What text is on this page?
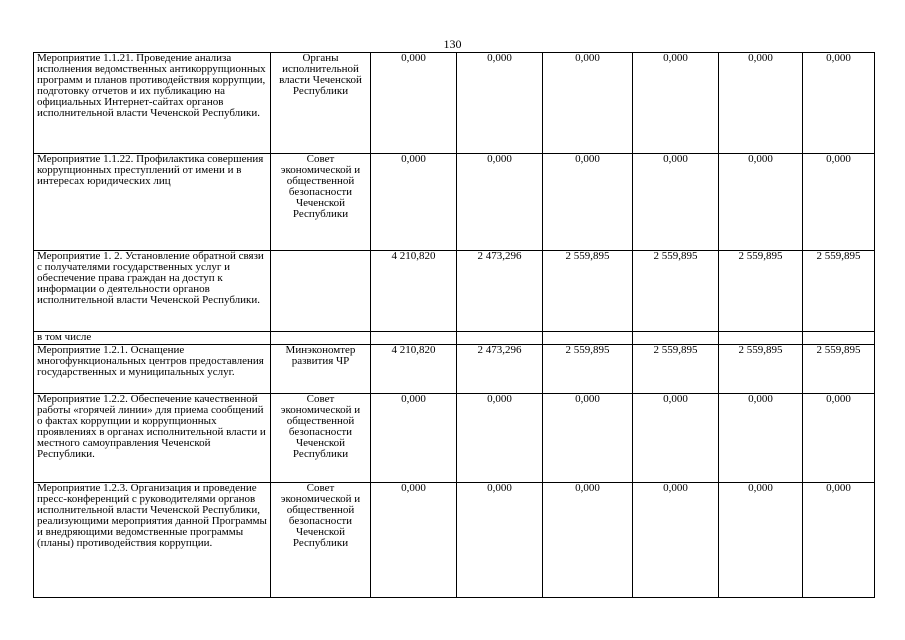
130
Мероприятие 1.1.21. Проведение анализа исполнения ведомственных антикоррупционных программ и планов противодействия коррупции, подготовку отчетов и их публикацию на официальных Интернет-сайтах органов исполнительной власти Чеченской Республики.	Органы исполнительной власти Чеченской Республики	0,000	0,000	0,000	0,000	0,000	0,000
Мероприятие 1.1.22. Профилактика совершения коррупционных преступлений от имени и в интересах юридических лиц	Совет экономической и общественной безопасности Чеченской Республики	0,000	0,000	0,000	0,000	0,000	0,000
Мероприятие 1. 2. Установление обратной связи с получателями государственных услуг и обеспечение права граждан на доступ к информации о деятельности органов исполнительной власти Чеченской Республики.		4 210,820	2 473,296	2 559,895	2 559,895	2 559,895	2 559,895
в том числе							
Мероприятие 1.2.1. Оснащение многофункциональных центров предоставления государственных и муниципальных услуг.	Минэкономтер развития ЧР	4 210,820	2 473,296	2 559,895	2 559,895	2 559,895	2 559,895
Мероприятие 1.2.2. Обеспечение качественной работы «горячей линии» для приема сообщений о фактах коррупции и коррупционных проявлениях в органах исполнительной власти и местного самоуправления Чеченской Республики.	Совет экономической и общественной безопасности Чеченской Республики	0,000	0,000	0,000	0,000	0,000	0,000
Мероприятие 1.2.3. Организация и проведение пресс-конференций с руководителями органов исполнительной власти Чеченской Республики, реализующими мероприятия данной Программы и внедряющими ведомственные программы (планы) противодействия коррупции.	Совет экономической и общественной безопасности Чеченской Республики	0,000	0,000	0,000	0,000	0,000	0,000
